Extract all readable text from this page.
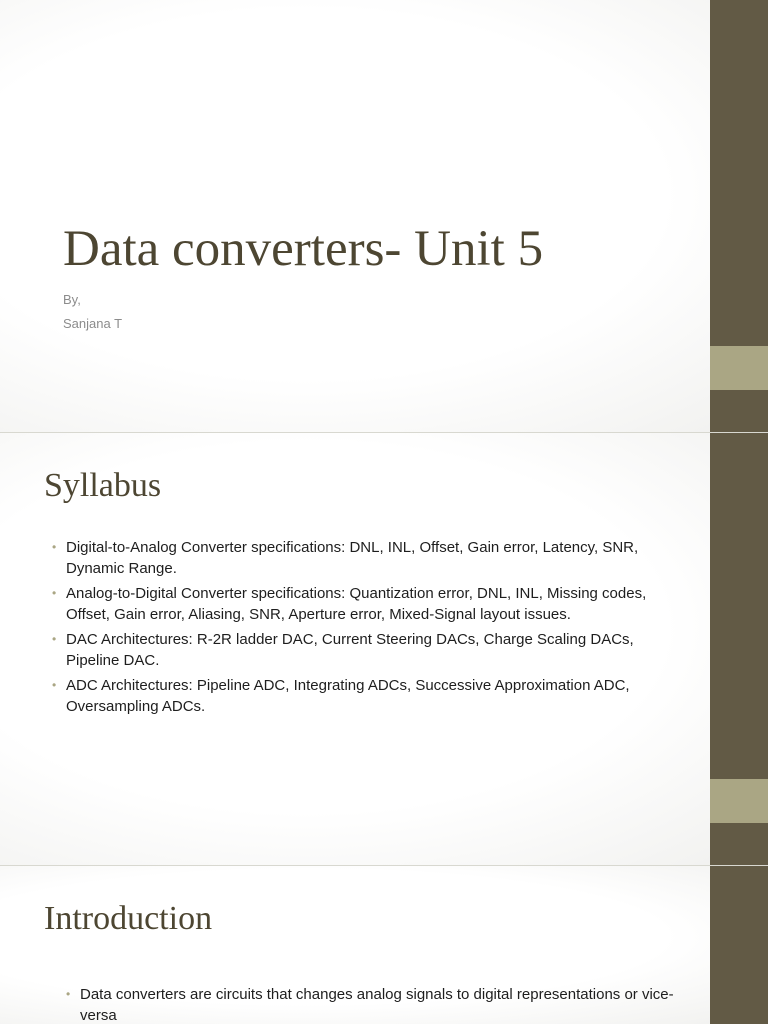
Data converters- Unit 5

By,

Sanjana T

Syllabus
• Digital-to-Analog Converter specifications: DNL, INL, Offset, Gain error, Latency, SNR, Dynamic Range.
• Analog-to-Digital Converter specifications: Quantization error, DNL, INL, Missing codes, Offset, Gain error, Aliasing, SNR, Aperture error, Mixed-Signal layout issues.
• DAC Architectures: R-2R ladder DAC, Current Steering DACs, Charge Scaling DACs, Pipeline DAC.
• ADC Architectures: Pipeline ADC, Integrating ADCs, Successive Approximation ADC, Oversampling ADCs.
Introduction
• Data converters are circuits that changes analog signals to digital representations or vice-versa
